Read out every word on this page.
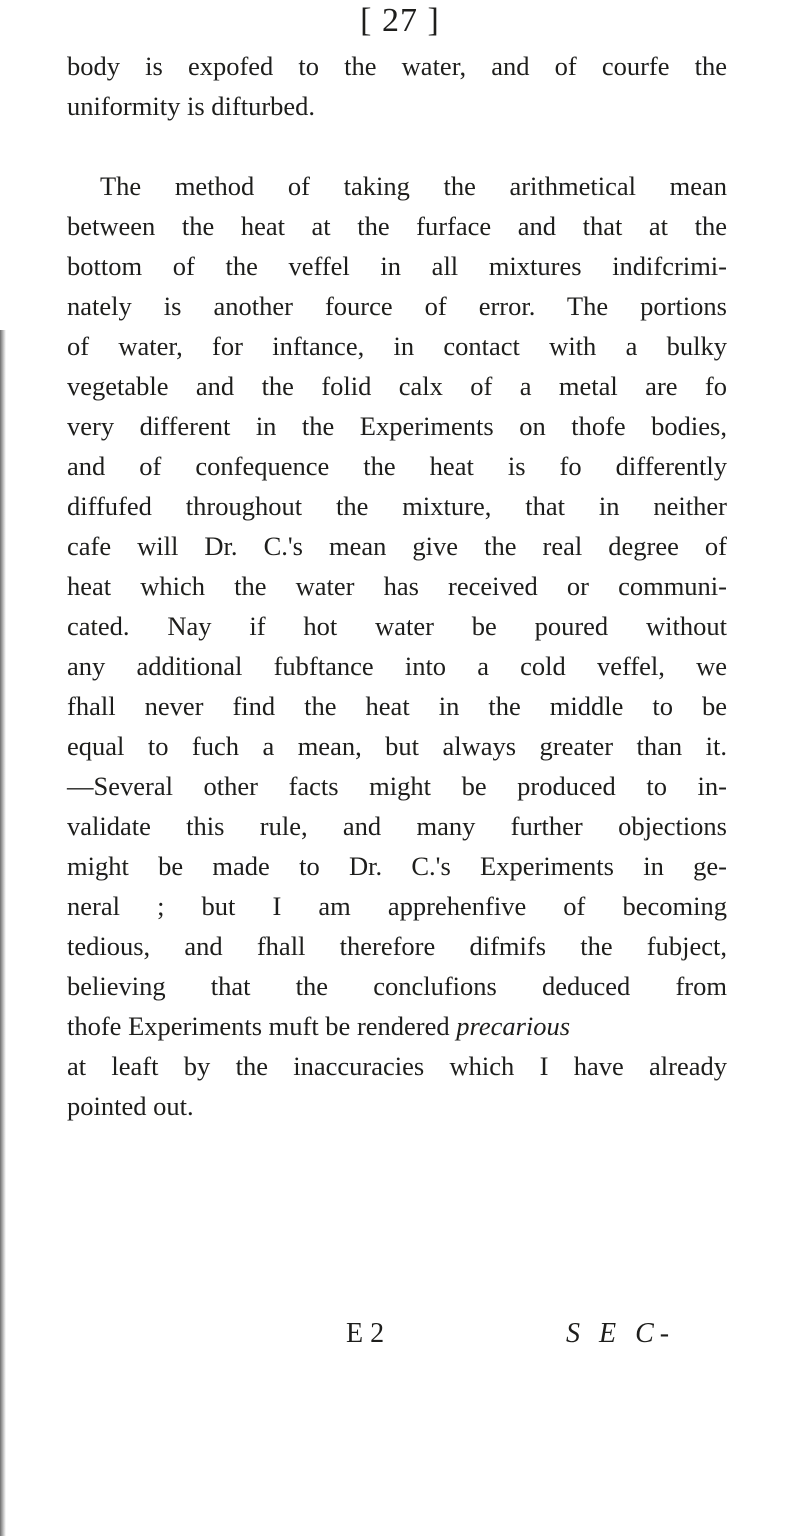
[ 27 ]
body is expofed to the water, and of courfe the
uniformity is difturbed.
The method of taking the arithmetical mean
between the heat at the furface and that at the
bottom of the veffel in all mixtures indifcrimi-
nately is another fource of error. The portions
of water, for inftance, in contact with a bulky
vegetable and the folid calx of a metal are fo
very different in the Experiments on thofe bodies,
and of confequence the heat is fo differently
diffufed throughout the mixture, that in neither
cafe will Dr. C.'s mean give the real degree of
heat which the water has received or communi-
cated. Nay if hot water be poured without
any additional fubftance into a cold veffel, we
fhall never find the heat in the middle to be
equal to fuch a mean, but always greater than it.
—Several other facts might be produced to in-
validate this rule, and many further objections
might be made to Dr. C.'s Experiments in ge-
neral ; but I am apprehenfive of becoming
tedious, and fhall therefore difmifs the fubject,
believing that the conclufions deduced from
thofe Experiments muft be rendered precarious
at leaft by the inaccuracies which I have already
pointed out.
E 2	S E C-
